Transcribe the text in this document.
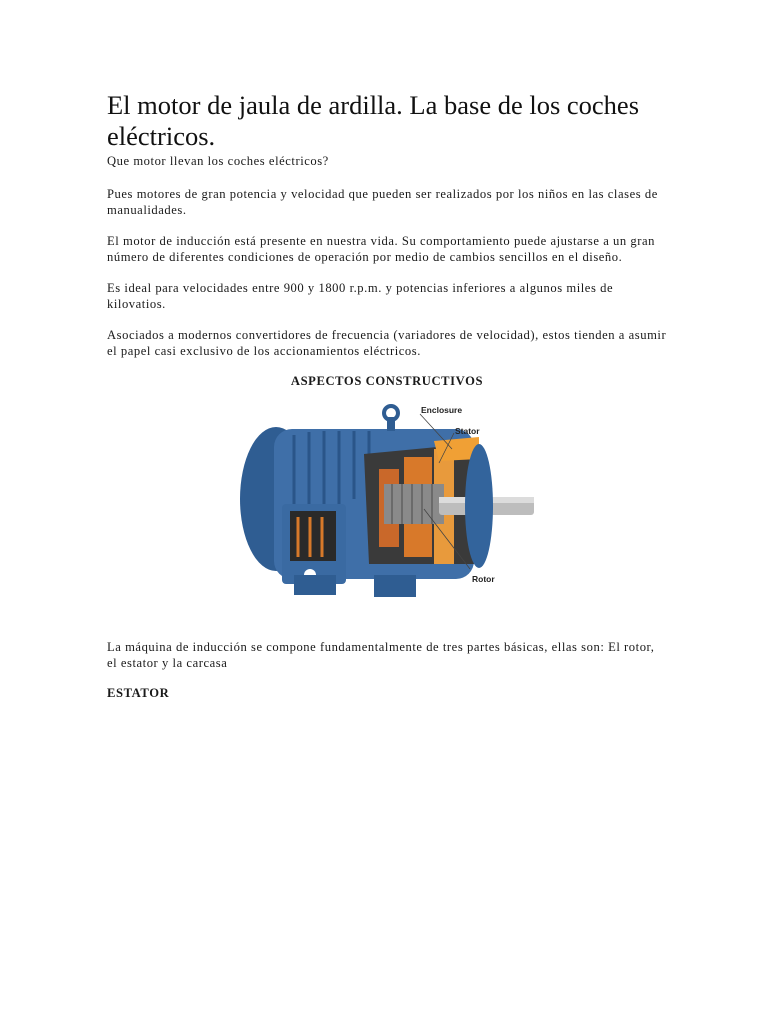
El motor de jaula de ardilla. La base de los coches eléctricos.

Que motor llevan los coches eléctricos?

Pues motores de gran potencia y velocidad que pueden ser realizados por los niños en las clases de manualidades.

El motor de inducción está presente en nuestra vida. Su comportamiento puede ajustarse a un gran número de diferentes condiciones de operación por medio de cambios sencillos en el diseño.

Es ideal para velocidades entre 900 y 1800 r.p.m. y potencias inferiores a algunos miles de kilovatios.

Asociados a modernos convertidores de frecuencia (variadores de velocidad), estos tienden a asumir el papel casi exclusivo de los accionamientos eléctricos.

ASPECTOS CONSTRUCTIVOS
Enclosure
Stator
Rotor

La máquina de inducción se compone fundamentalmente de tres partes básicas, ellas son: El rotor, el estator y la carcasa

ESTATOR
